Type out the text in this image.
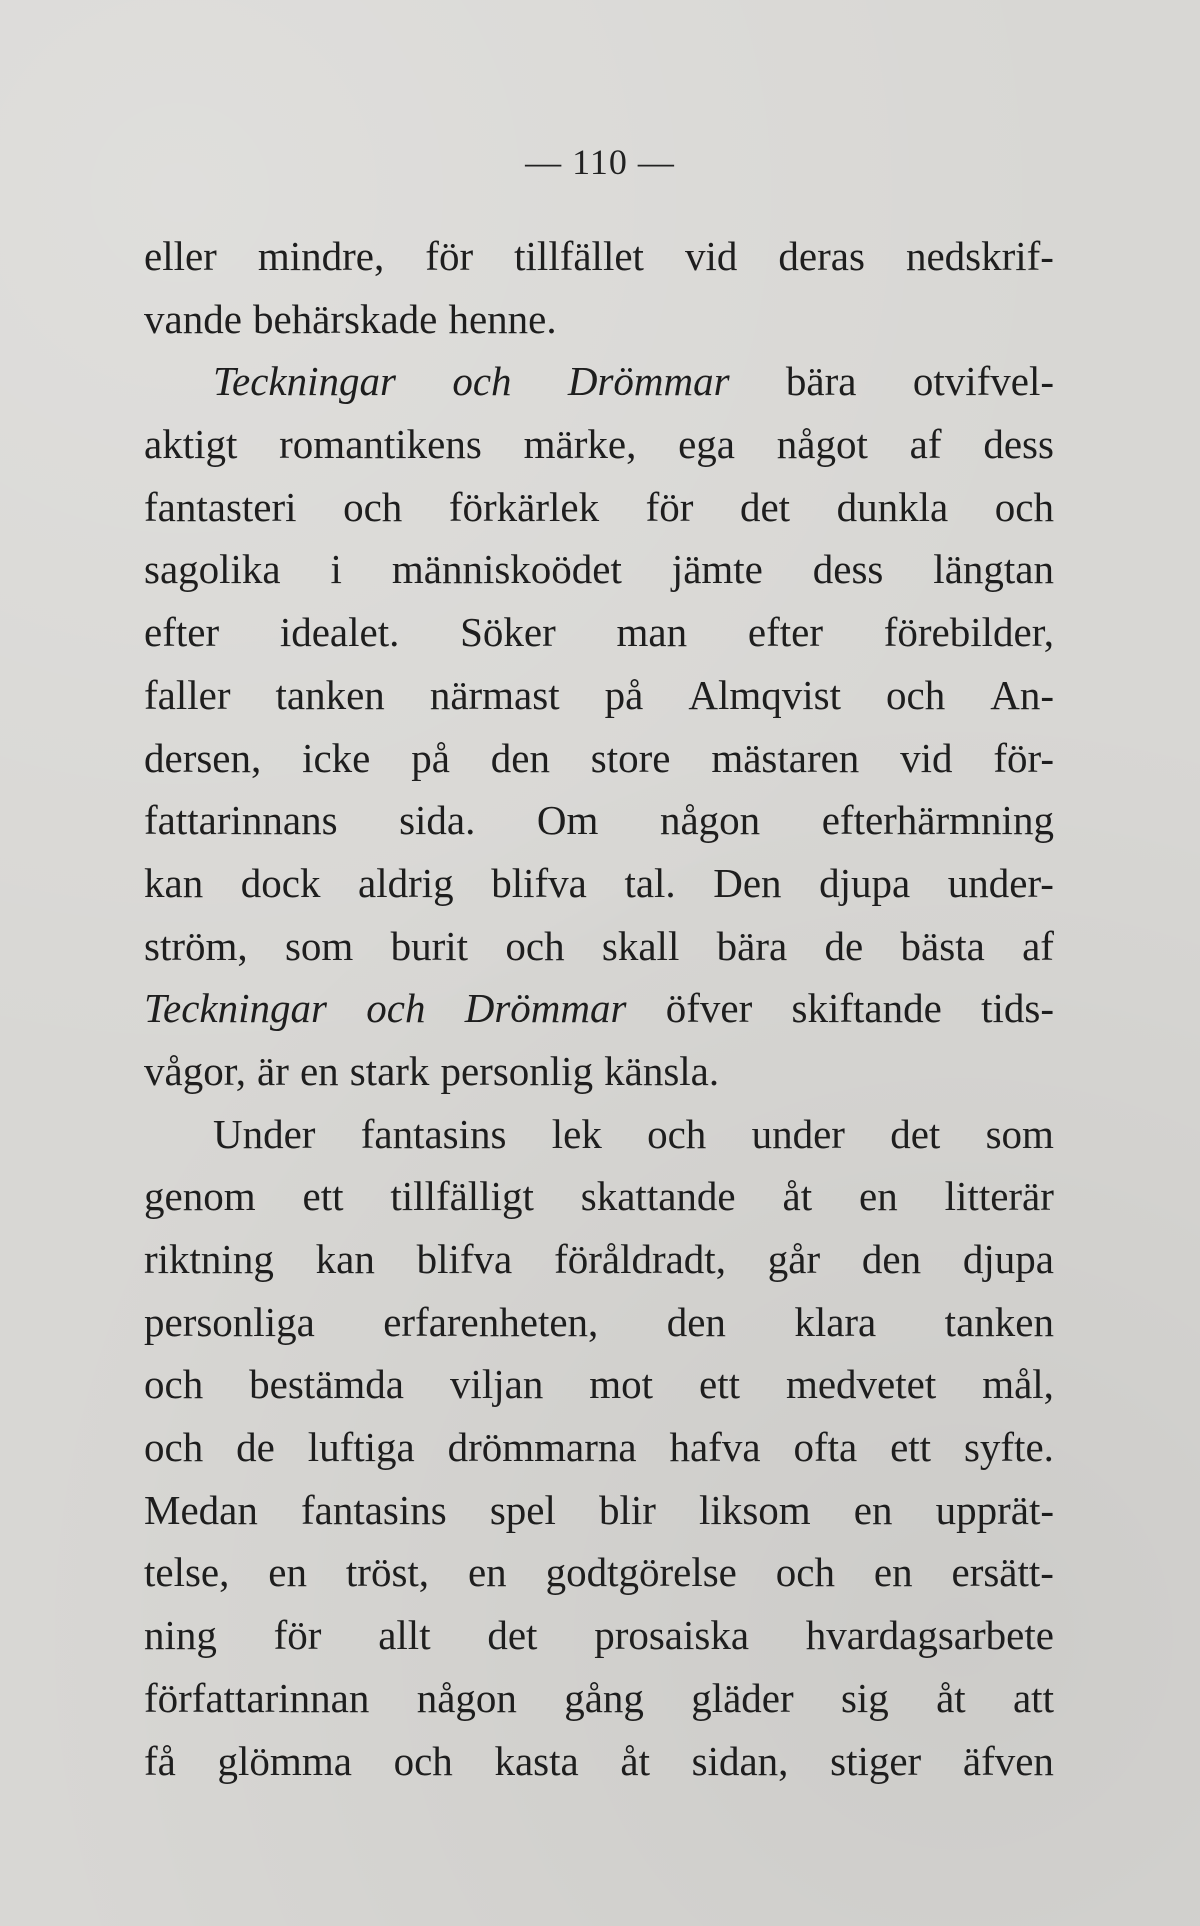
— 110 —
eller mindre, för tillfället vid deras nedskrif-
vande behärskade henne.
Teckningar och Drömmar bära otvifvel-
aktigt romantikens märke, ega något af dess
fantasteri och förkärlek för det dunkla och
sagolika i människoödet jämte dess längtan
efter idealet. Söker man efter förebilder,
faller tanken närmast på Almqvist och An-
dersen, icke på den store mästaren vid för-
fattarinnans sida. Om någon efterhärmning
kan dock aldrig blifva tal. Den djupa under-
ström, som burit och skall bära de bästa af
Teckningar och Drömmar öfver skiftande tids-
vågor, är en stark personlig känsla.
Under fantasins lek och under det som
genom ett tillfälligt skattande åt en litterär
riktning kan blifva föråldradt, går den djupa
personliga erfarenheten, den klara tanken
och bestämda viljan mot ett medvetet mål,
och de luftiga drömmarna hafva ofta ett syfte.
Medan fantasins spel blir liksom en upprät-
telse, en tröst, en godtgörelse och en ersätt-
ning för allt det prosaiska hvardagsarbete
författarinnan någon gång gläder sig åt att
få glömma och kasta åt sidan, stiger äfven
